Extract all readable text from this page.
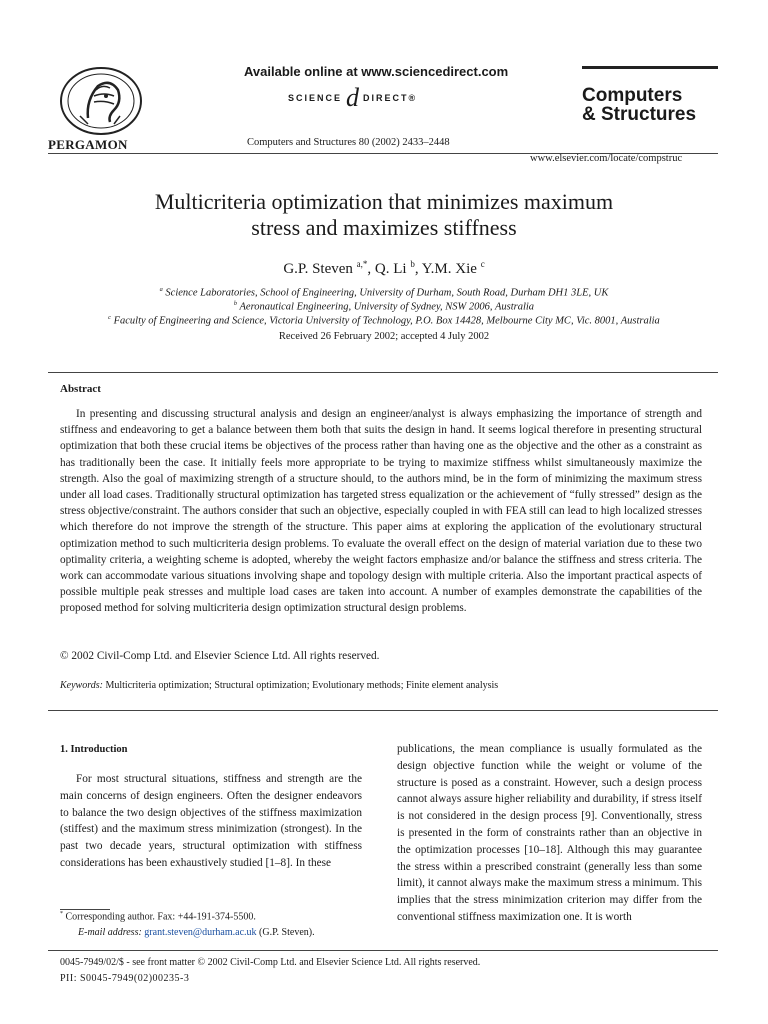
PERGAMON
Available online at www.sciencedirect.com
SCIENCE d DIRECT®
Computers and Structures 80 (2002) 2433–2448
Computers
& Structures
www.elsevier.com/locate/compstruc
Multicriteria optimization that minimizes maximum
stress and maximizes stiffness
G.P. Steven $^{a,*}$, Q. Li $^b$, Y.M. Xie $^c$
$^a$ Science Laboratories, School of Engineering, University of Durham, South Road, Durham DH1 3LE, UK
$^b$ Aeronautical Engineering, University of Sydney, NSW 2006, Australia
$^c$ Faculty of Engineering and Science, Victoria University of Technology, P.O. Box 14428, Melbourne City MC, Vic. 8001, Australia
Received 26 February 2002; accepted 4 July 2002
Abstract

In presenting and discussing structural analysis and design an engineer/analyst is always emphasizing the importance of strength and stiffness and endeavoring to get a balance between them both that suits the design in hand. It seems logical therefore in presenting structural optimization that both these crucial items be objectives of the process rather than having one as the objective and the other as a constraint as has traditionally been the case. It initially feels more appropriate to be trying to maximize stiffness whilst simultaneously maximize the strength. Also the goal of maximizing strength of a structure should, to the authors mind, be in the form of minimizing the maximum stress under all load cases. Traditionally structural optimization has targeted stress equalization or the achievement of “fully stressed” design as the stress objective/constraint. The authors consider that such an objective, especially coupled in with FEA still can lead to high localized stresses which therefore do not improve the strength of the structure. This paper aims at exploring the application of the evolutionary structural optimization method to such multicriteria design problems. To evaluate the overall effect on the design of material variation due to these two optimality criteria, a weighting scheme is adopted, whereby the weight factors emphasize and/or balance the stiffness and stress criteria. The work can accommodate various situations involving shape and topology design with multiple criteria. Also the important practical aspects of possible multiple peak stresses and multiple load cases are taken into account. A number of examples demonstrate the capabilities of the proposed method for solving multicriteria design optimization structural design problems.

© 2002 Civil-Comp Ltd. and Elsevier Science Ltd. All rights reserved.
Keywords: Multicriteria optimization; Structural optimization; Evolutionary methods; Finite element analysis
1. Introduction

For most structural situations, stiffness and strength are the main concerns of design engineers. Often the designer endeavors to balance the two design objectives of the stiffness maximization (stiffest) and the maximum stress minimization (strongest). In the past two decade years, structural optimization with stiffness considerations has been exhaustively studied [1–8]. In these

publications, the mean compliance is usually formulated as the design objective function while the weight or volume of the structure is posed as a constraint. However, such a design process cannot always assure higher reliability and durability, if stress itself is not considered in the design process [9]. Conventionally, stress is presented in the form of constraints rather than an objective in the optimization processes [10–18]. Although this may guarantee the stress within a prescribed constraint (generally less than some limit), it cannot always make the maximum stress a minimum. This implies that the stress minimization criterion may differ from the conventional stiffness maximization one. It is worth

* Corresponding author. Fax: +44-191-374-5500.
E-mail address: grant.steven@durham.ac.uk (G.P. Steven).
0045-7949/02/$ - see front matter © 2002 Civil-Comp Ltd. and Elsevier Science Ltd. All rights reserved.
PII: S0045-7949(02)00235-3
